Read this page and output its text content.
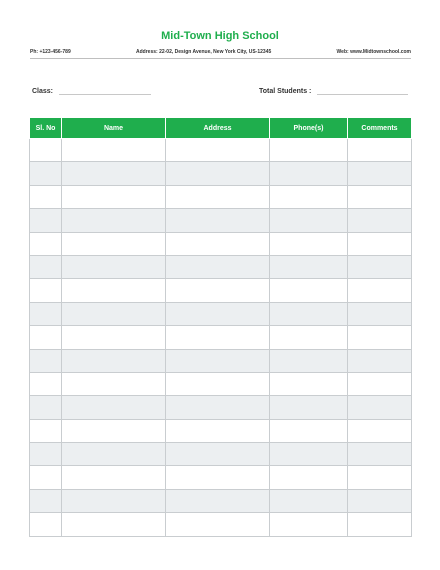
Mid-Town High School
Ph: +123-456-789	Address: 22-02, Design Avenue, New York City, US-12345	Web: www.Midtownschool.com
Class:	Total Students :
Sl. No	Name	Address	Phone(s)	Comments
